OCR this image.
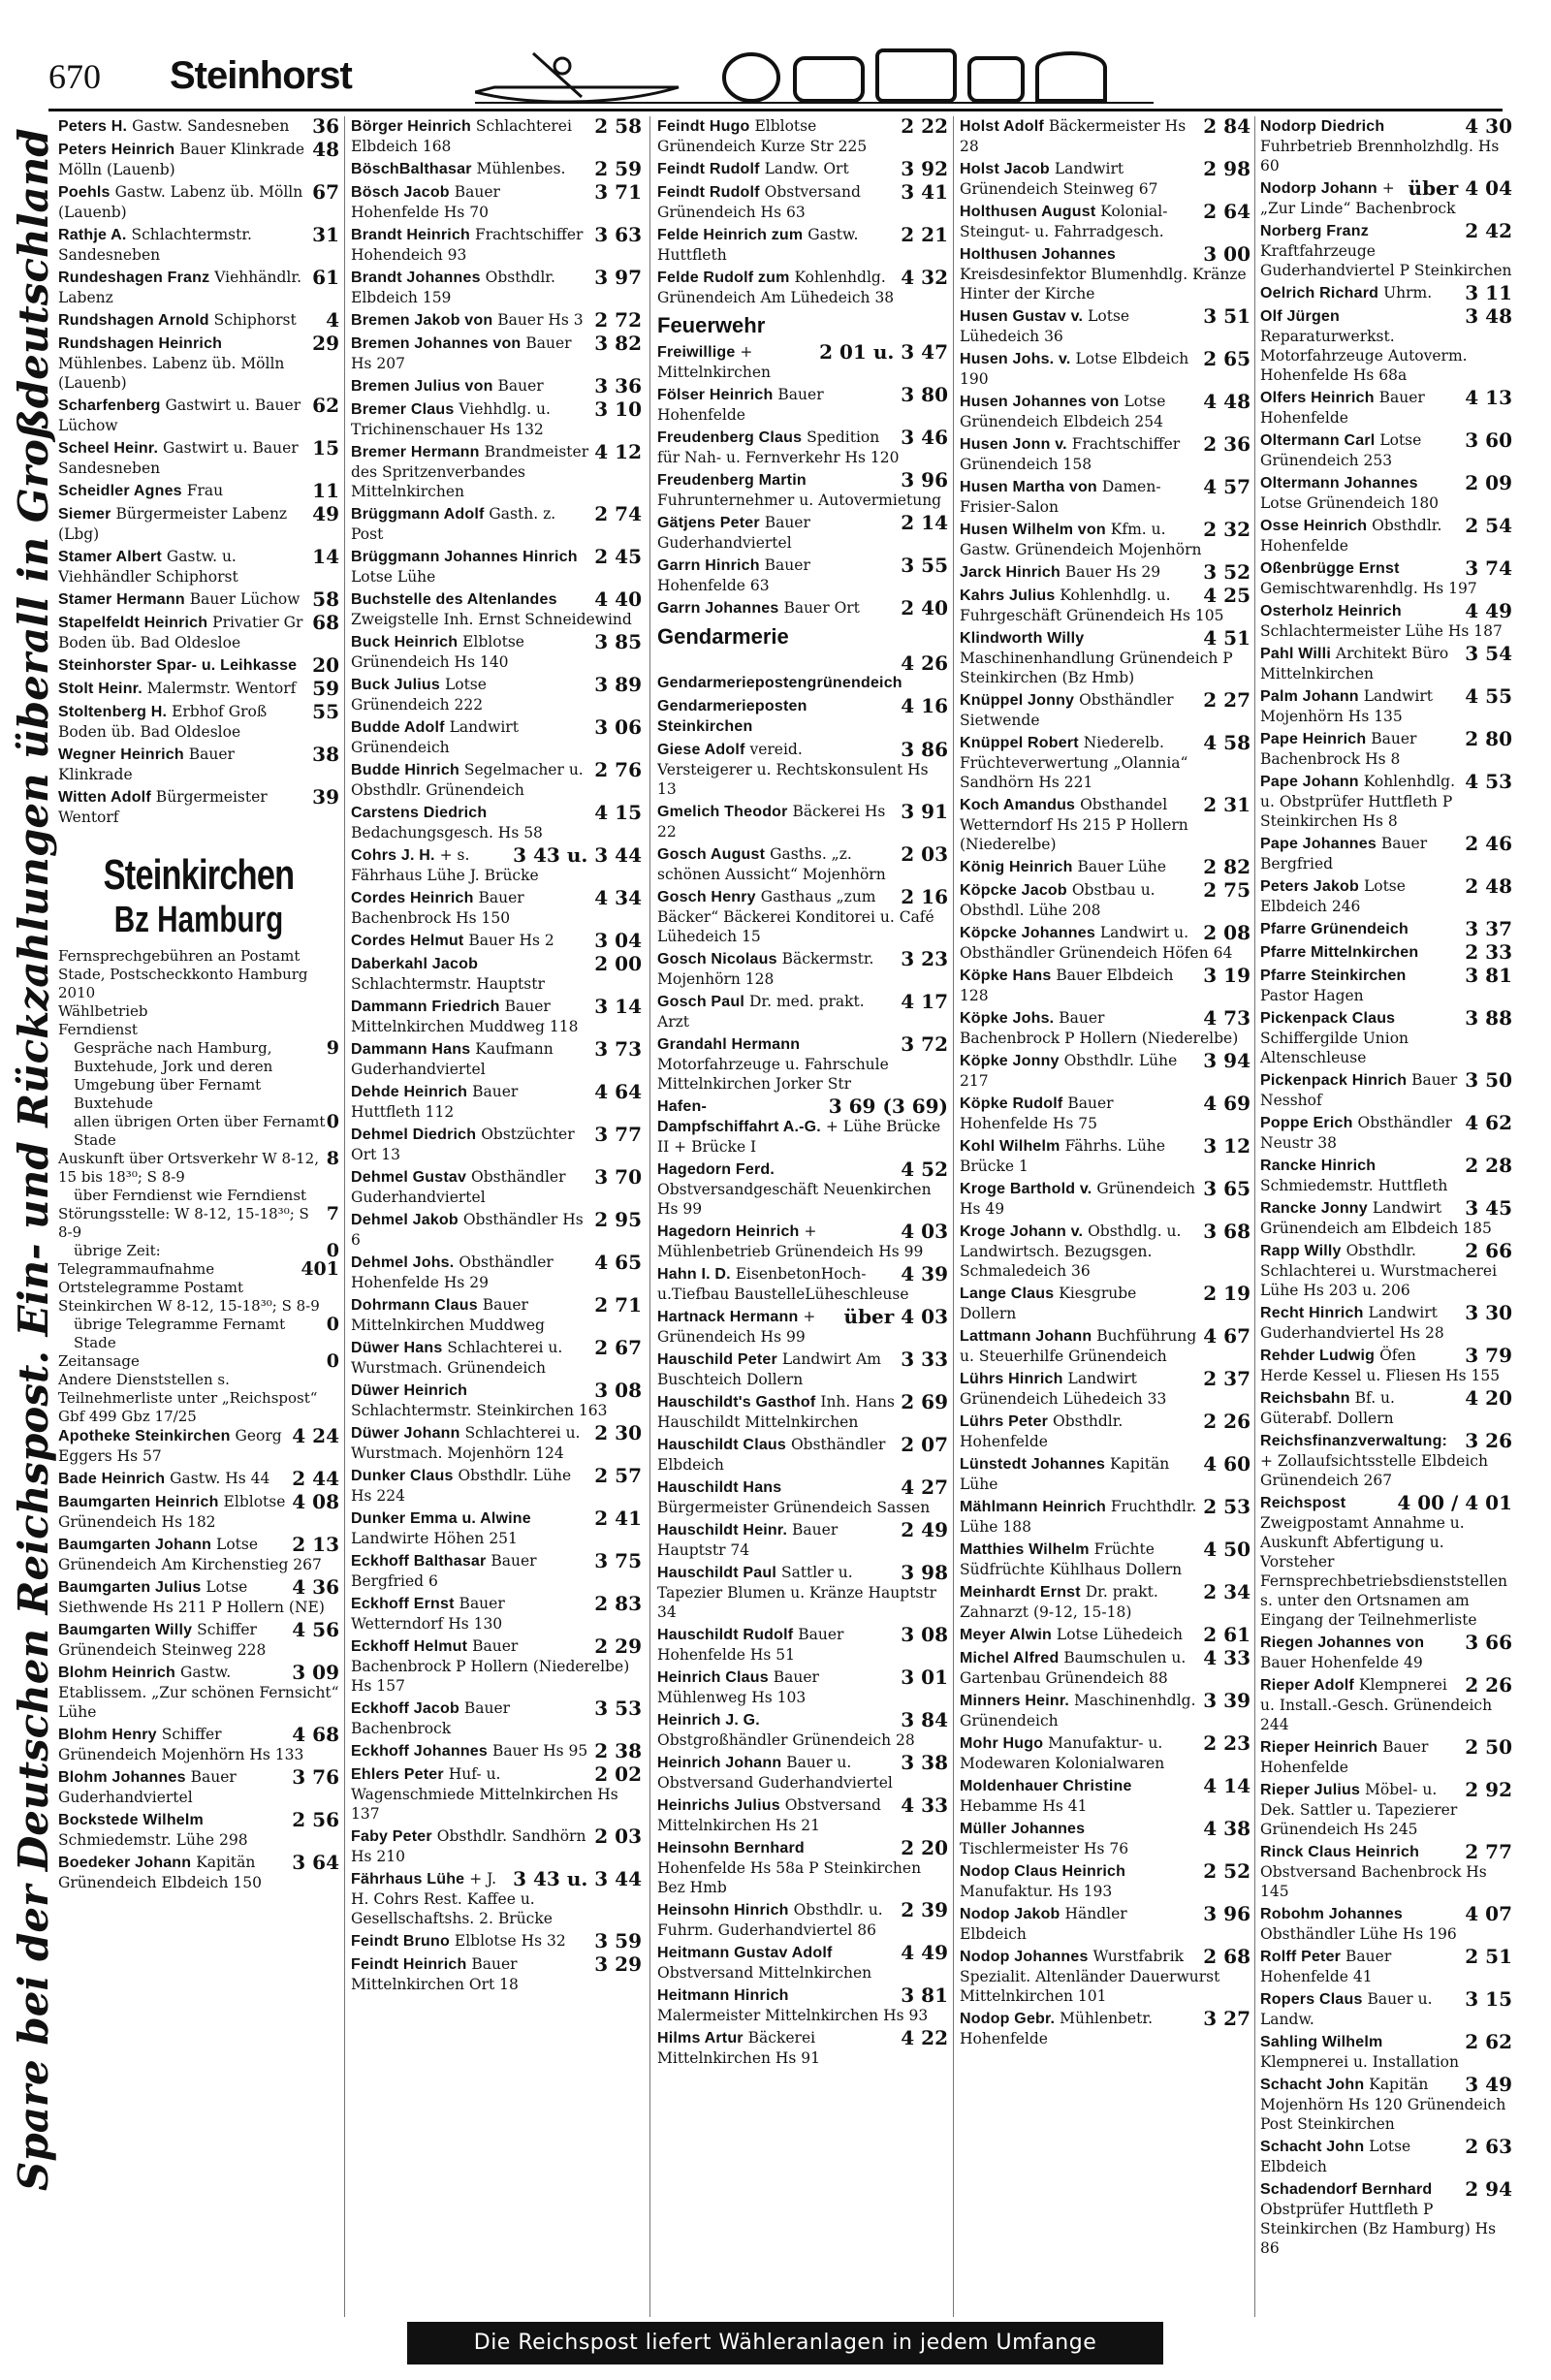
670 Steinhorst
Spare bei der Deutschen Reichspost. Ein- und Rückzahlungen überall in Großdeutschland
36
Peters H. Gastw. Sandesneben
48
Peters Heinrich Bauer Klinkrade Mölln (Lauenb)
67
Poehls Gastw. Labenz üb. Mölln (Lauenb)
31
Rathje A. Schlachtermstr. Sandesneben
61
Rundeshagen Franz Viehhändlr. Labenz
4
Rundshagen Arnold Schiphorst
29
Rundshagen Heinrich Mühlenbes. Labenz üb. Mölln (Lauenb)
62
Scharfenberg Gastwirt u. Bauer Lüchow
15
Scheel Heinr. Gastwirt u. Bauer Sandesneben
11
Scheidler Agnes Frau
49
Siemer Bürgermeister Labenz (Lbg)
14
Stamer Albert Gastw. u. Viehhändler Schiphorst
58
Stamer Hermann Bauer Lüchow
68
Stapelfeldt Heinrich Privatier Gr Boden üb. Bad Oldesloe
20
Steinhorster Spar- u. Leihkasse
59
Stolt Heinr. Malermstr. Wentorf
55
Stoltenberg H. Erbhof Groß Boden üb. Bad Oldesloe
38
Wegner Heinrich Bauer Klinkrade
39
Witten Adolf Bürgermeister Wentorf
Steinkirchen
Bz Hamburg
Fernsprechgebühren an Postamt Stade, Postscheckkonto Hamburg 2010
Wählbetrieb
Ferndienst
9
Gespräche nach Hamburg, Buxtehude, Jork und deren Umgebung über Fernamt Buxtehude
0
allen übrigen Orten über Fernamt Stade
8
Auskunft über Ortsverkehr W 8-12, 15 bis 18³⁰; S 8-9
über Ferndienst wie Ferndienst
7
Störungsstelle: W 8-12, 15-18³⁰; S 8-9
0
übrige Zeit:
401
Telegrammaufnahme Ortstelegramme Postamt Steinkirchen W 8-12, 15-18³⁰; S 8-9
0
übrige Telegramme Fernamt Stade
0
Zeitansage
Andere Dienststellen s. Teilnehmerliste unter „Reichspost“
Gbf 499 Gbz 17/25
4 24
Apotheke Steinkirchen Georg Eggers Hs 57
2 44
Bade Heinrich Gastw. Hs 44
4 08
Baumgarten Heinrich Elblotse Grünendeich Hs 182
2 13
Baumgarten Johann Lotse Grünendeich Am Kirchenstieg 267
4 36
Baumgarten Julius Lotse Siethwende Hs 211 P Hollern (NE)
4 56
Baumgarten Willy Schiffer Grünendeich Steinweg 228
3 09
Blohm Heinrich Gastw. Etablissem. „Zur schönen Fernsicht“ Lühe
4 68
Blohm Henry Schiffer Grünendeich Mojenhörn Hs 133
3 76
Blohm Johannes Bauer Guderhandviertel
2 56
Bockstede Wilhelm Schmiedemstr. Lühe 298
3 64
Boedeker Johann Kapitän Grünendeich Elbdeich 150
2 58
Börger Heinrich Schlachterei Elbdeich 168
2 59
BöschBalthasar Mühlenbes.
3 71
Bösch Jacob Bauer Hohenfelde Hs 70
3 63
Brandt Heinrich Frachtschiffer Hohendeich 93
3 97
Brandt Johannes Obsthdlr. Elbdeich 159
2 72
Bremen Jakob von Bauer Hs 3
3 82
Bremen Johannes von Bauer Hs 207
3 36
Bremen Julius von Bauer
3 10
Bremer Claus Viehhdlg. u. Trichinenschauer Hs 132
4 12
Bremer Hermann Brandmeister des Spritzenverbandes Mittelnkirchen
2 74
Brüggmann Adolf Gasth. z. Post
2 45
Brüggmann Johannes Hinrich Lotse Lühe
4 40
Buchstelle des Altenlandes Zweigstelle Inh. Ernst Schneidewind
3 85
Buck Heinrich Elblotse Grünendeich Hs 140
3 89
Buck Julius Lotse Grünendeich 222
3 06
Budde Adolf Landwirt Grünendeich
2 76
Budde Hinrich Segelmacher u. Obsthdlr. Grünendeich
4 15
Carstens Diedrich Bedachungsgesch. Hs 58
3 43 u. 3 44
Cohrs J. H. + s. Fährhaus Lühe J. Brücke
4 34
Cordes Heinrich Bauer Bachenbrock Hs 150
3 04
Cordes Helmut Bauer Hs 2
2 00
Daberkahl Jacob Schlachtermstr. Hauptstr
3 14
Dammann Friedrich Bauer Mittelnkirchen Muddweg 118
3 73
Dammann Hans Kaufmann Guderhandviertel
4 64
Dehde Heinrich Bauer Huttfleth 112
3 77
Dehmel Diedrich Obstzüchter Ort 13
3 70
Dehmel Gustav Obsthändler Guderhandviertel
2 95
Dehmel Jakob Obsthändler Hs 6
4 65
Dehmel Johs. Obsthändler Hohenfelde Hs 29
2 71
Dohrmann Claus Bauer Mittelnkirchen Muddweg
2 67
Düwer Hans Schlachterei u. Wurstmach. Grünendeich
3 08
Düwer Heinrich Schlachtermstr. Steinkirchen 163
2 30
Düwer Johann Schlachterei u. Wurstmach. Mojenhörn 124
2 57
Dunker Claus Obsthdlr. Lühe Hs 224
2 41
Dunker Emma u. Alwine Landwirte Höhen 251
3 75
Eckhoff Balthasar Bauer Bergfried 6
2 83
Eckhoff Ernst Bauer Wetterndorf Hs 130
2 29
Eckhoff Helmut Bauer Bachenbrock P Hollern (Niederelbe) Hs 157
3 53
Eckhoff Jacob Bauer Bachenbrock
2 38
Eckhoff Johannes Bauer Hs 95
2 02
Ehlers Peter Huf- u. Wagenschmiede Mittelnkirchen Hs 137
2 03
Faby Peter Obsthdlr. Sandhörn Hs 210
3 43 u. 3 44
Fährhaus Lühe + J. H. Cohrs Rest. Kaffee u. Gesellschaftshs. 2. Brücke
3 59
Feindt Bruno Elblotse Hs 32
3 29
Feindt Heinrich Bauer Mittelnkirchen Ort 18
2 22
Feindt Hugo Elblotse Grünendeich Kurze Str 225
3 92
Feindt Rudolf Landw. Ort
3 41
Feindt Rudolf Obstversand Grünendeich Hs 63
2 21
Felde Heinrich zum Gastw. Huttfleth
4 32
Felde Rudolf zum Kohlenhdlg. Grünendeich Am Lühedeich 38
Feuerwehr
2 01 u. 3 47
Freiwillige + Mittelnkirchen
3 80
Fölser Heinrich Bauer Hohenfelde
3 46
Freudenberg Claus Spedition für Nah- u. Fernverkehr Hs 120
3 96
Freudenberg Martin Fuhrunternehmer u. Autovermietung
2 14
Gätjens Peter Bauer Guderhandviertel
3 55
Garrn Hinrich Bauer Hohenfelde 63
2 40
Garrn Johannes Bauer Ort
Gendarmerie
4 26
Gendarmeriepostengrünendeich
4 16
Gendarmerieposten Steinkirchen
3 86
Giese Adolf vereid. Versteigerer u. Rechtskonsulent Hs 13
3 91
Gmelich Theodor Bäckerei Hs 22
2 03
Gosch August Gasths. „z. schönen Aussicht“ Mojenhörn
2 16
Gosch Henry Gasthaus „zum Bäcker“ Bäckerei Konditorei u. Café Lühedeich 15
3 23
Gosch Nicolaus Bäckermstr. Mojenhörn 128
4 17
Gosch Paul Dr. med. prakt. Arzt
3 72
Grandahl Hermann Motorfahrzeuge u. Fahrschule Mittelnkirchen Jorker Str
3 69 (3 69)
Hafen-Dampfschiffahrt A.-G. + Lühe Brücke II + Brücke I
4 52
Hagedorn Ferd. Obstversandgeschäft Neuenkirchen Hs 99
4 03
Hagedorn Heinrich + Mühlenbetrieb Grünendeich Hs 99
4 39
Hahn I. D. EisenbetonHoch-u.Tiefbau BaustelleLüheschleuse
über 4 03
Hartnack Hermann + Grünendeich Hs 99
3 33
Hauschild Peter Landwirt Am Buschteich Dollern
2 69
Hauschildt's Gasthof Inh. Hans Hauschildt Mittelnkirchen
2 07
Hauschildt Claus Obsthändler Elbdeich
4 27
Hauschildt Hans Bürgermeister Grünendeich Sassen
2 49
Hauschildt Heinr. Bauer Hauptstr 74
3 98
Hauschildt Paul Sattler u. Tapezier Blumen u. Kränze Hauptstr 34
3 08
Hauschildt Rudolf Bauer Hohenfelde Hs 51
3 01
Heinrich Claus Bauer Mühlenweg Hs 103
3 84
Heinrich J. G. Obstgroßhändler Grünendeich 28
3 38
Heinrich Johann Bauer u. Obstversand Guderhandviertel
4 33
Heinrichs Julius Obstversand Mittelnkirchen Hs 21
2 20
Heinsohn Bernhard Hohenfelde Hs 58a P Steinkirchen Bez Hmb
2 39
Heinsohn Hinrich Obsthdlr. u. Fuhrm. Guderhandviertel 86
4 49
Heitmann Gustav Adolf Obstversand Mittelnkirchen
3 81
Heitmann Hinrich Malermeister Mittelnkirchen Hs 93
4 22
Hilms Artur Bäckerei Mittelnkirchen Hs 91
2 84
Holst Adolf Bäckermeister Hs 28
2 98
Holst Jacob Landwirt Grünendeich Steinweg 67
2 64
Holthusen August Kolonial-Steingut- u. Fahrradgesch.
3 00
Holthusen Johannes Kreisdesinfektor Blumenhdlg. Kränze Hinter der Kirche
3 51
Husen Gustav v. Lotse Lühedeich 36
2 65
Husen Johs. v. Lotse Elbdeich 190
4 48
Husen Johannes von Lotse Grünendeich Elbdeich 254
2 36
Husen Jonn v. Frachtschiffer Grünendeich 158
4 57
Husen Martha von Damen-Frisier-Salon
2 32
Husen Wilhelm von Kfm. u. Gastw. Grünendeich Mojenhörn
3 52
Jarck Hinrich Bauer Hs 29
4 25
Kahrs Julius Kohlenhdlg. u. Fuhrgeschäft Grünendeich Hs 105
4 51
Klindworth Willy Maschinenhandlung Grünendeich P Steinkirchen (Bz Hmb)
2 27
Knüppel Jonny Obsthändler Sietwende
4 58
Knüppel Robert Niederelb. Früchteverwertung „Olannia“ Sandhörn Hs 221
2 31
Koch Amandus Obsthandel Wetterndorf Hs 215 P Hollern (Niederelbe)
2 82
König Heinrich Bauer Lühe
2 75
Köpcke Jacob Obstbau u. Obsthdl. Lühe 208
2 08
Köpcke Johannes Landwirt u. Obsthändler Grünendeich Höfen 64
3 19
Köpke Hans Bauer Elbdeich 128
4 73
Köpke Johs. Bauer Bachenbrock P Hollern (Niederelbe)
3 94
Köpke Jonny Obsthdlr. Lühe 217
4 69
Köpke Rudolf Bauer Hohenfelde Hs 75
3 12
Kohl Wilhelm Fährhs. Lühe Brücke 1
3 65
Kroge Barthold v. Grünendeich Hs 49
3 68
Kroge Johann v. Obsthdlg. u. Landwirtsch. Bezugsgen. Schmaledeich 36
2 19
Lange Claus Kiesgrube Dollern
4 67
Lattmann Johann Buchführung u. Steuerhilfe Grünendeich
2 37
Lührs Hinrich Landwirt Grünendeich Lühedeich 33
2 26
Lührs Peter Obsthdlr. Hohenfelde
4 60
Lünstedt Johannes Kapitän Lühe
2 53
Mählmann Heinrich Fruchthdlr. Lühe 188
4 50
Matthies Wilhelm Früchte Südfrüchte Kühlhaus Dollern
2 34
Meinhardt Ernst Dr. prakt. Zahnarzt (9-12, 15-18)
2 61
Meyer Alwin Lotse Lühedeich
4 33
Michel Alfred Baumschulen u. Gartenbau Grünendeich 88
3 39
Minners Heinr. Maschinenhdlg. Grünendeich
2 23
Mohr Hugo Manufaktur- u. Modewaren Kolonialwaren
4 14
Moldenhauer Christine Hebamme Hs 41
4 38
Müller Johannes Tischlermeister Hs 76
2 52
Nodop Claus Heinrich Manufaktur. Hs 193
3 96
Nodop Jakob Händler Elbdeich
2 68
Nodop Johannes Wurstfabrik Spezialit. Altenländer Dauerwurst Mittelnkirchen 101
3 27
Nodop Gebr. Mühlenbetr. Hohenfelde
4 30
Nodorp Diedrich Fuhrbetrieb Brennholzhdlg. Hs 60
über 4 04
Nodorp Johann + „Zur Linde“ Bachenbrock
2 42
Norberg Franz Kraftfahrzeuge Guderhandviertel P Steinkirchen
3 11
Oelrich Richard Uhrm.
3 48
Olf Jürgen Reparaturwerkst. Motorfahrzeuge Autoverm. Hohenfelde Hs 68a
4 13
Olfers Heinrich Bauer Hohenfelde
3 60
Oltermann Carl Lotse Grünendeich 253
2 09
Oltermann Johannes Lotse Grünendeich 180
2 54
Osse Heinrich Obsthdlr. Hohenfelde
3 74
Oßenbrügge Ernst Gemischtwarenhdlg. Hs 197
4 49
Osterholz Heinrich Schlachtermeister Lühe Hs 187
3 54
Pahl Willi Architekt Büro Mittelnkirchen
4 55
Palm Johann Landwirt Mojenhörn Hs 135
2 80
Pape Heinrich Bauer Bachenbrock Hs 8
4 53
Pape Johann Kohlenhdlg. u. Obstprüfer Huttfleth P Steinkirchen Hs 8
2 46
Pape Johannes Bauer Bergfried
2 48
Peters Jakob Lotse Elbdeich 246
3 37
Pfarre Grünendeich
2 33
Pfarre Mittelnkirchen
3 81
Pfarre Steinkirchen Pastor Hagen
3 88
Pickenpack Claus Schiffergilde Union Altenschleuse
3 50
Pickenpack Hinrich Bauer Nesshof
4 62
Poppe Erich Obsthändler Neustr 38
2 28
Rancke Hinrich Schmiedemstr. Huttfleth
3 45
Rancke Jonny Landwirt Grünendeich am Elbdeich 185
2 66
Rapp Willy Obsthdlr. Schlachterei u. Wurstmacherei Lühe Hs 203 u. 206
3 30
Recht Hinrich Landwirt Guderhandviertel Hs 28
3 79
Rehder Ludwig Öfen Herde Kessel u. Fliesen Hs 155
4 20
Reichsbahn Bf. u. Güterabf. Dollern
3 26
Reichsfinanzverwaltung: + Zollaufsichtsstelle Elbdeich Grünendeich 267
4 00 / 4 01
Reichspost Zweigpostamt Annahme u. Auskunft Abfertigung u. Vorsteher Fernsprechbetriebsdienststellen s. unter den Ortsnamen am Eingang der Teilnehmerliste
3 66
Riegen Johannes von Bauer Hohenfelde 49
2 26
Rieper Adolf Klempnerei u. Install.-Gesch. Grünendeich 244
2 50
Rieper Heinrich Bauer Hohenfelde
2 92
Rieper Julius Möbel- u. Dek. Sattler u. Tapezierer Grünendeich Hs 245
2 77
Rinck Claus Heinrich Obstversand Bachenbrock Hs 145
4 07
Robohm Johannes Obsthändler Lühe Hs 196
2 51
Rolff Peter Bauer Hohenfelde 41
3 15
Ropers Claus Bauer u. Landw.
2 62
Sahling Wilhelm Klempnerei u. Installation
3 49
Schacht John Kapitän Mojenhörn Hs 120 Grünendeich Post Steinkirchen
2 63
Schacht John Lotse Elbdeich
2 94
Schadendorf Bernhard Obstprüfer Huttfleth P Steinkirchen (Bz Hamburg) Hs 86
Die Reichspost liefert Wähleranlagen in jedem Umfange
